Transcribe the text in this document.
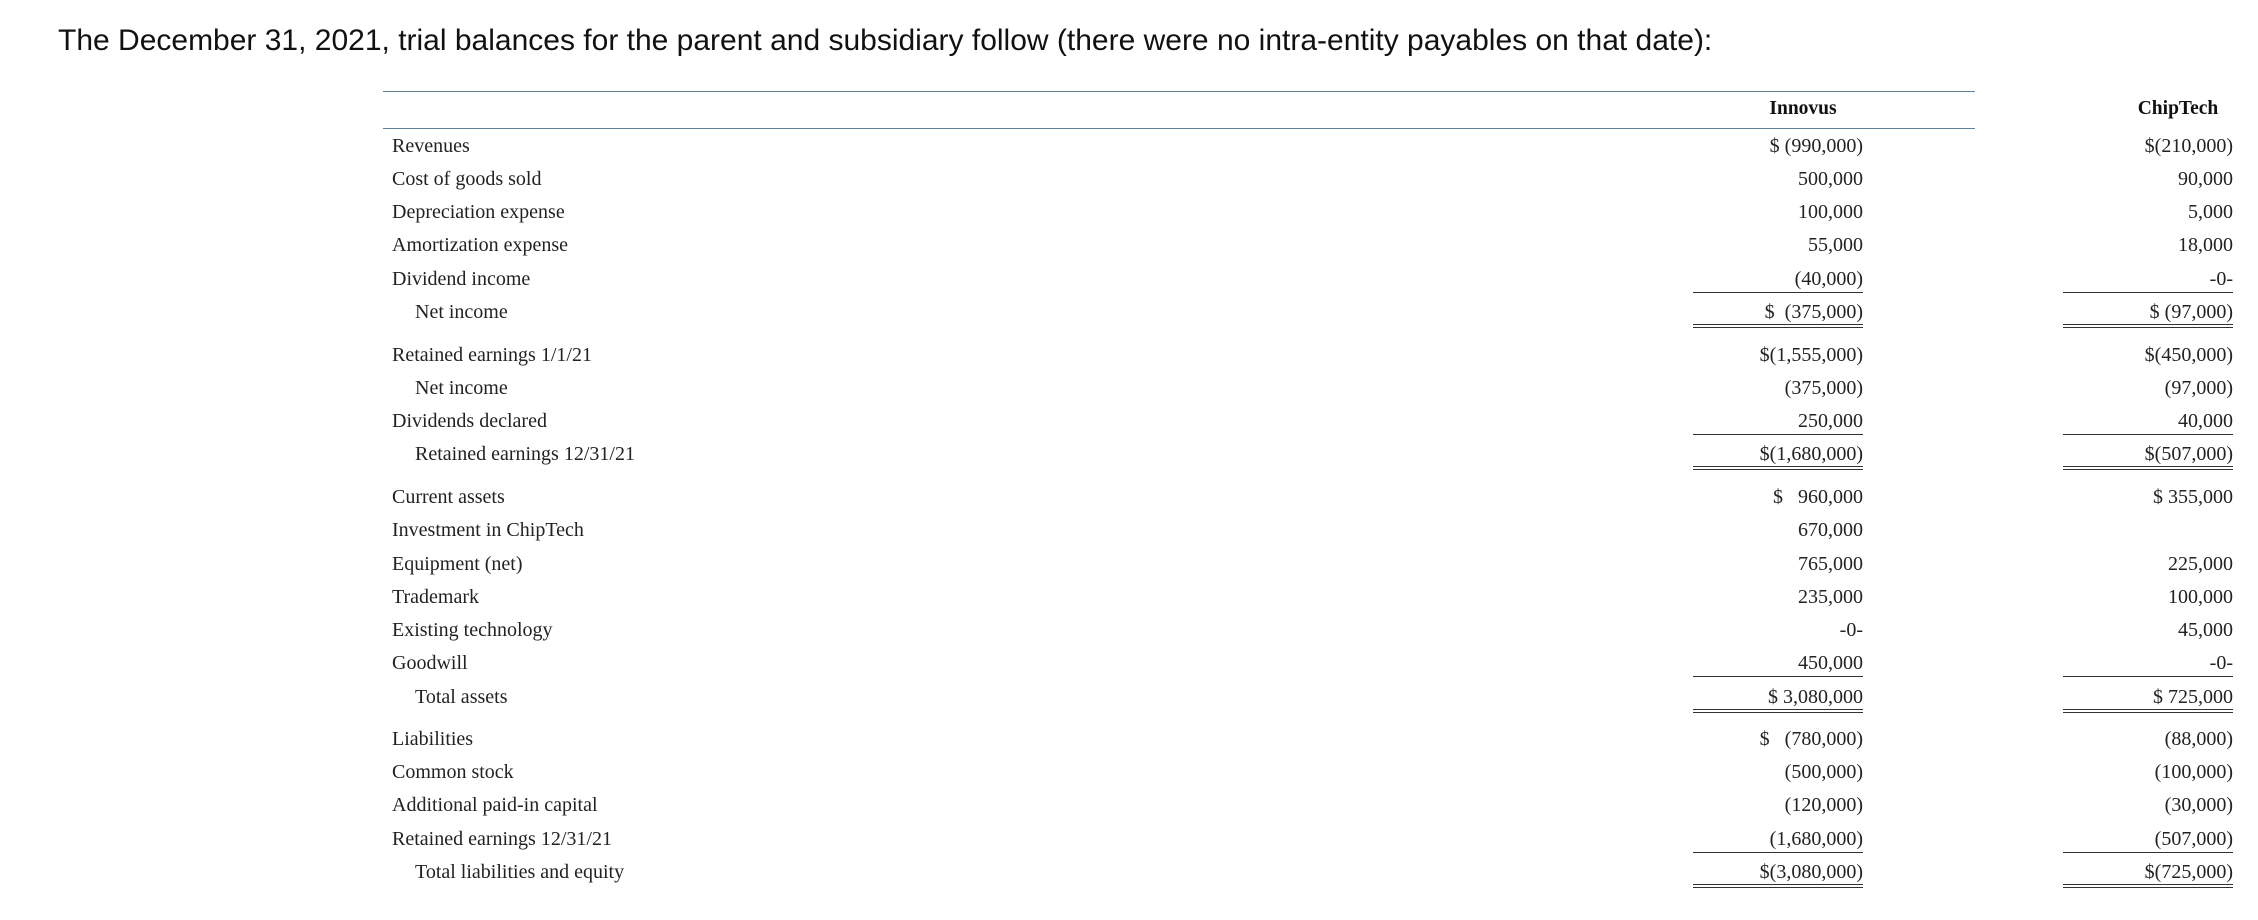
The December 31, 2021, trial balances for the parent and subsidiary follow (there were no intra-entity payables on that date):
Innovus	ChipTech
Revenues	$ (990,000)	$(210,000)
Cost of goods sold	500,000	90,000
Depreciation expense	100,000	5,000
Amortization expense	55,000	18,000
Dividend income	(40,000)	-0-
Net income	$  (375,000)	$ (97,000)
Retained earnings 1/1/21	$(1,555,000)	$(450,000)
Net income	(375,000)	(97,000)
Dividends declared	250,000	40,000
Retained earnings 12/31/21	$(1,680,000)	$(507,000)
Current assets	$   960,000	$ 355,000
Investment in ChipTech	670,000
Equipment (net)	765,000	225,000
Trademark	235,000	100,000
Existing technology	-0-	45,000
Goodwill	450,000	-0-
Total assets	$ 3,080,000	$ 725,000
Liabilities	$   (780,000)	(88,000)
Common stock	(500,000)	(100,000)
Additional paid-in capital	(120,000)	(30,000)
Retained earnings 12/31/21	(1,680,000)	(507,000)
Total liabilities and equity	$(3,080,000)	$(725,000)
